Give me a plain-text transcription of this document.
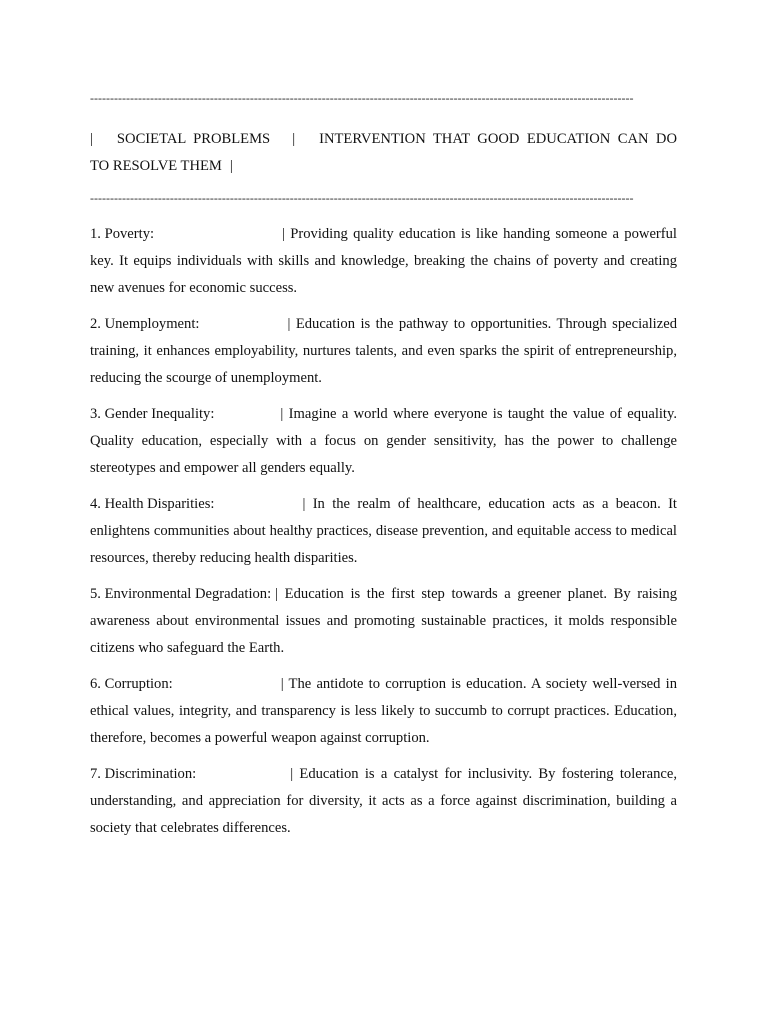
----------------------------------------------------------------------------------------------------------------------------------------
| SOCIETAL PROBLEMS | INTERVENTION THAT GOOD EDUCATION CAN DO TO RESOLVE THEM |
----------------------------------------------------------------------------------------------------------------------------------------

1. Poverty:	| Providing quality education is like handing someone a powerful key. It equips individuals with skills and knowledge, breaking the chains of poverty and creating new avenues for economic success.

2. Unemployment:	| Education is the pathway to opportunities. Through specialized training, it enhances employability, nurtures talents, and even sparks the spirit of entrepreneurship, reducing the scourge of unemployment.

3. Gender Inequality:	| Imagine a world where everyone is taught the value of equality. Quality education, especially with a focus on gender sensitivity, has the power to challenge stereotypes and empower all genders equally.

4. Health Disparities:	| In the realm of healthcare, education acts as a beacon. It enlightens communities about healthy practices, disease prevention, and equitable access to medical resources, thereby reducing health disparities.

5. Environmental Degradation: | Education is the first step towards a greener planet. By raising awareness about environmental issues and promoting sustainable practices, it molds responsible citizens who safeguard the Earth.

6. Corruption:	| The antidote to corruption is education. A society well-versed in ethical values, integrity, and transparency is less likely to succumb to corrupt practices. Education, therefore, becomes a powerful weapon against corruption.

7. Discrimination:	| Education is a catalyst for inclusivity. By fostering tolerance, understanding, and appreciation for diversity, it acts as a force against discrimination, building a society that celebrates differences.
